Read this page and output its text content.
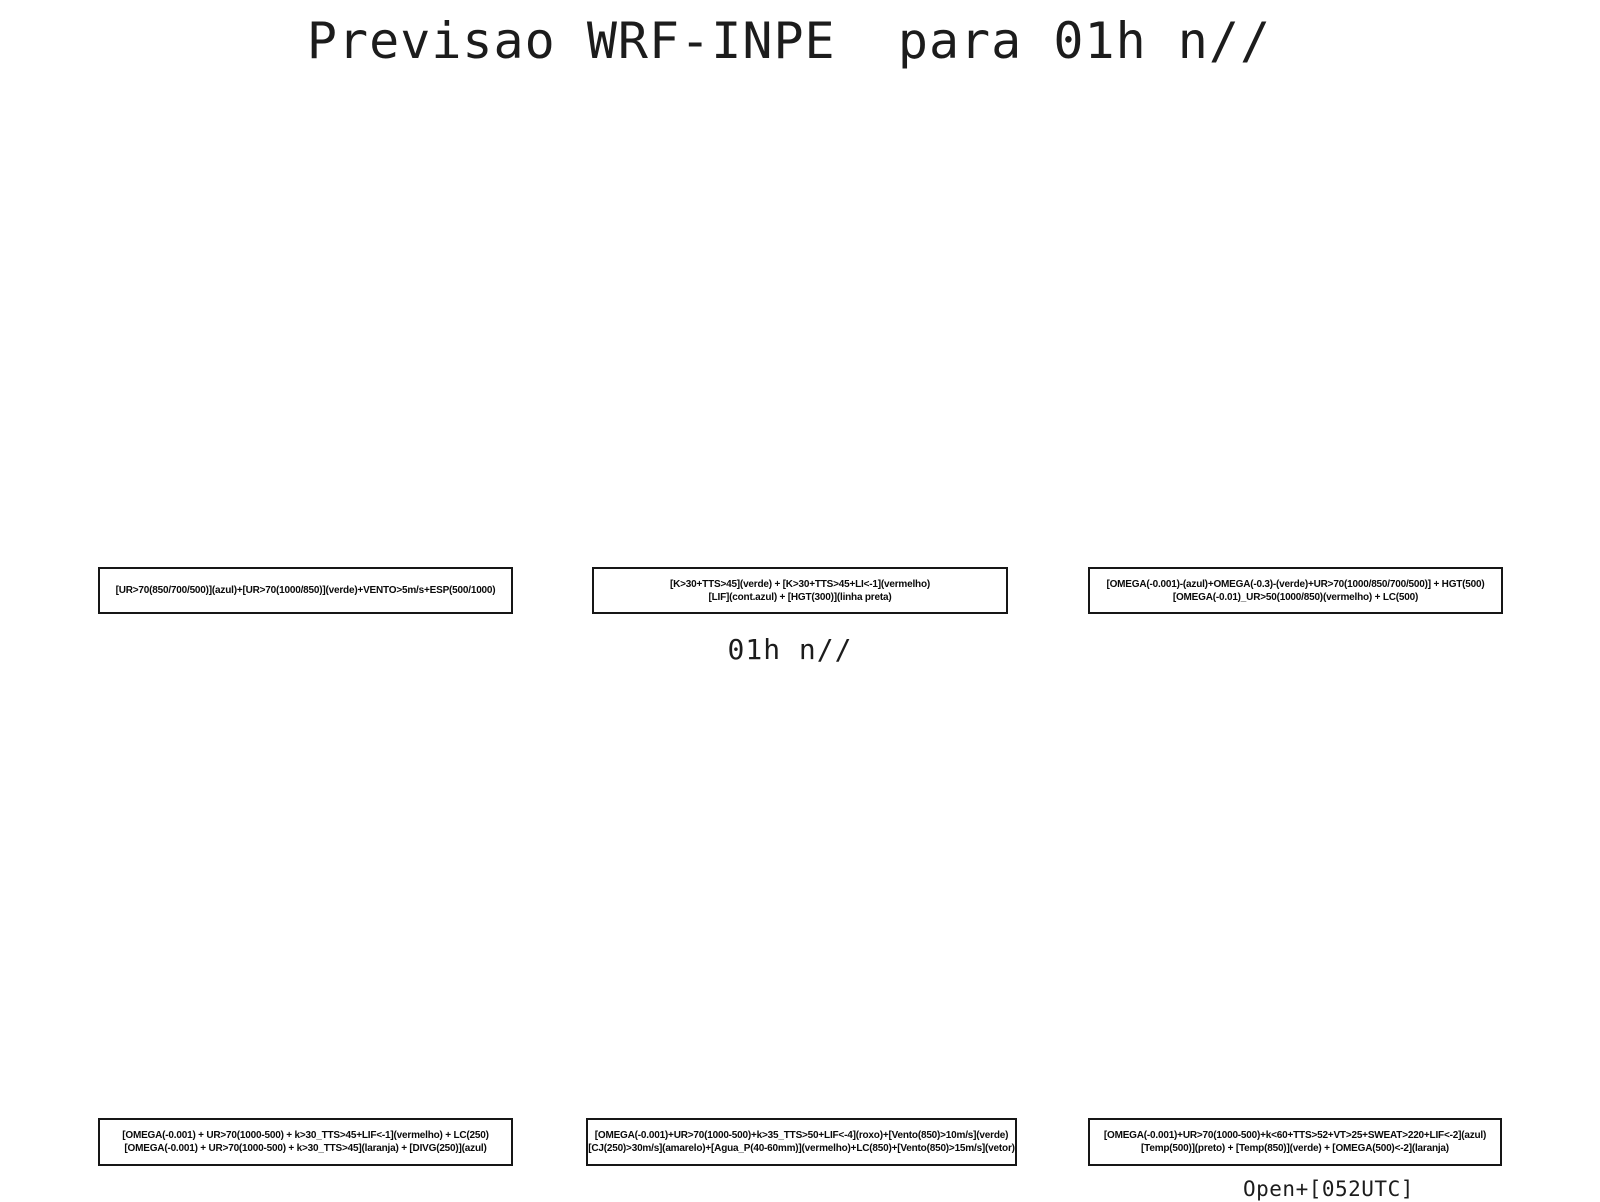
Previsao WRF-INPE  para 01h n//
[UR>70(850/700/500)](azul)+[UR>70(1000/850)](verde)+VENTO>5m/s+ESP(500/1000)
[K>30+TTS>45](verde) + [K>30+TTS>45+LI<-1](vermelho)
[LIF](cont.azul) + [HGT(300)](linha preta)
[OMEGA(-0.001)-(azul)+OMEGA(-0.3)-(verde)+UR>70(1000/850/700/500)] + HGT(500)
[OMEGA(-0.01)_UR>50(1000/850)(vermelho) + LC(500)
01h n//
[OMEGA(-0.001) + UR>70(1000-500) + k>30_TTS>45+LIF<-1](vermelho) + LC(250)
[OMEGA(-0.001) + UR>70(1000-500) + k>30_TTS>45](laranja) + [DIVG(250)](azul)
[OMEGA(-0.001)+UR>70(1000-500)+k>35_TTS>50+LIF<-4](roxo)+[Vento(850)>10m/s](verde)
[CJ(250)>30m/s](amarelo)+[Agua_P(40-60mm)](vermelho)+LC(850)+[Vento(850)>15m/s](vetor)
[OMEGA(-0.001)+UR>70(1000-500)+k<60+TTS>52+VT>25+SWEAT>220+LIF<-2](azul)
[Temp(500)](preto) + [Temp(850)](verde) + [OMEGA(500)<-2](laranja)
Open+[052UTC]
